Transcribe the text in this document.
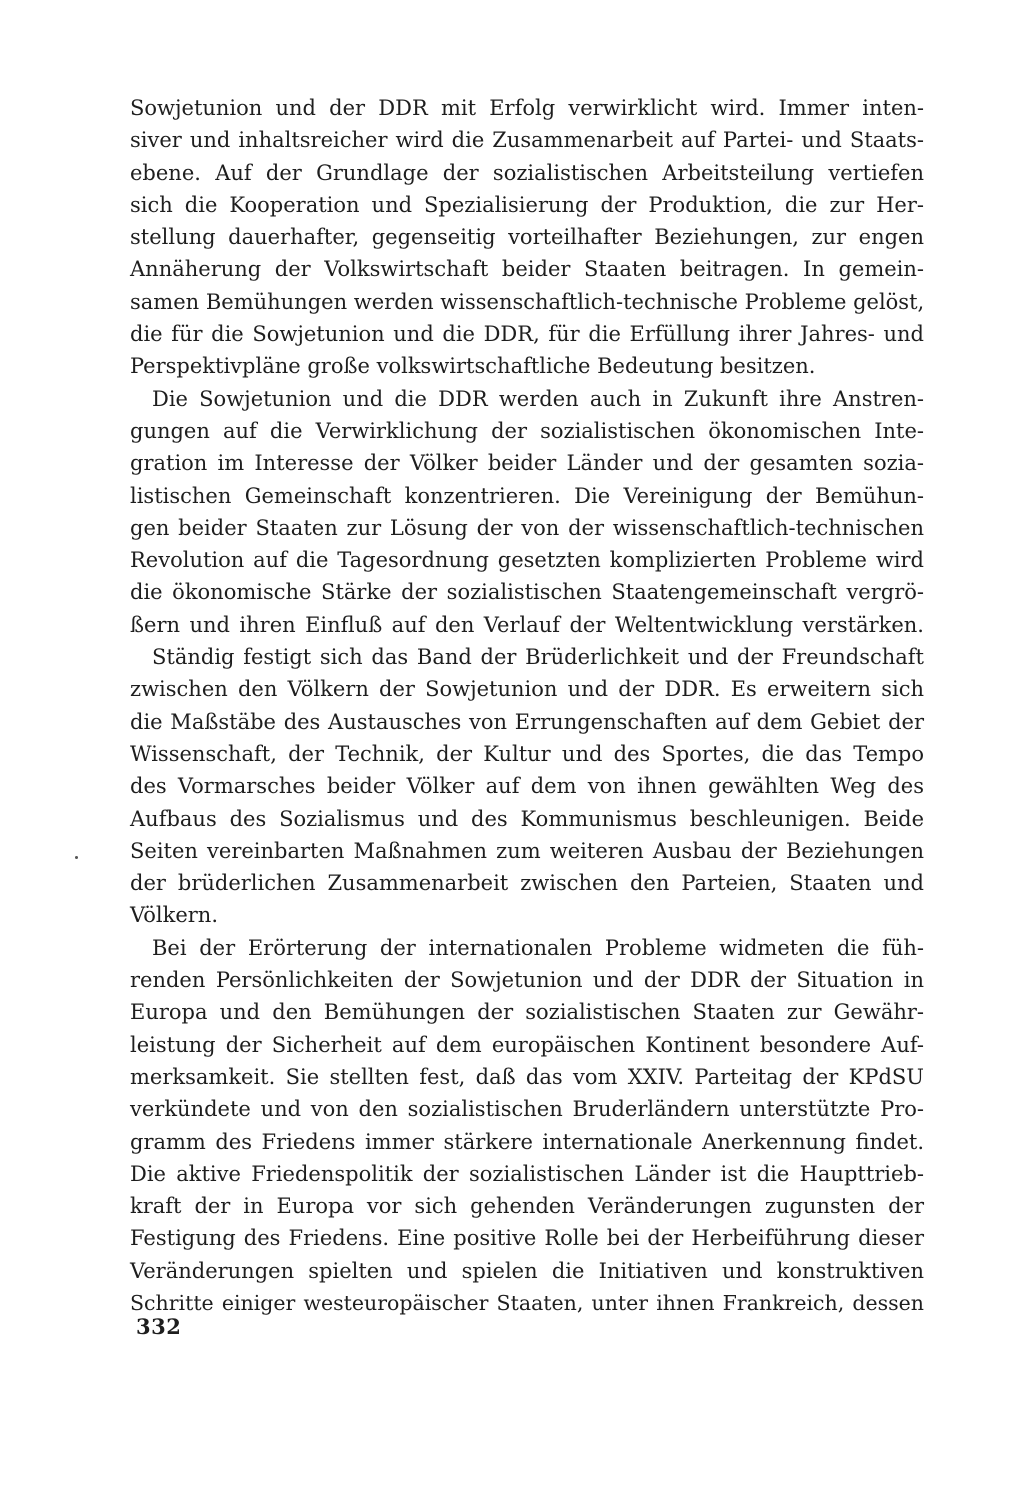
Sowjetunion und der DDR mit Erfolg verwirklicht wird. Immer inten-
siver und inhaltsreicher wird die Zusammenarbeit auf Partei- und Staats-
ebene. Auf der Grundlage der sozialistischen Arbeitsteilung vertiefen
sich die Kooperation und Spezialisierung der Produktion, die zur Her-
stellung dauerhafter, gegenseitig vorteilhafter Beziehungen, zur engen
Annäherung der Volkswirtschaft beider Staaten beitragen. In gemein-
samen Bemühungen werden wissenschaftlich-technische Probleme gelöst,
die für die Sowjetunion und die DDR, für die Erfüllung ihrer Jahres- und
Perspektivpläne große volkswirtschaftliche Bedeutung besitzen.
Die Sowjetunion und die DDR werden auch in Zukunft ihre Anstren-
gungen auf die Verwirklichung der sozialistischen ökonomischen Inte-
gration im Interesse der Völker beider Länder und der gesamten sozia-
listischen Gemeinschaft konzentrieren. Die Vereinigung der Bemühun-
gen beider Staaten zur Lösung der von der wissenschaftlich-technischen
Revolution auf die Tagesordnung gesetzten komplizierten Probleme wird
die ökonomische Stärke der sozialistischen Staatengemeinschaft vergrö-
ßern und ihren Einfluß auf den Verlauf der Weltentwicklung verstärken.
Ständig festigt sich das Band der Brüderlichkeit und der Freundschaft
zwischen den Völkern der Sowjetunion und der DDR. Es erweitern sich
die Maßstäbe des Austausches von Errungenschaften auf dem Gebiet der
Wissenschaft, der Technik, der Kultur und des Sportes, die das Tempo
des Vormarsches beider Völker auf dem von ihnen gewählten Weg des
Aufbaus des Sozialismus und des Kommunismus beschleunigen. Beide
Seiten vereinbarten Maßnahmen zum weiteren Ausbau der Beziehungen
der brüderlichen Zusammenarbeit zwischen den Parteien, Staaten und
Völkern.
Bei der Erörterung der internationalen Probleme widmeten die füh-
renden Persönlichkeiten der Sowjetunion und der DDR der Situation in
Europa und den Bemühungen der sozialistischen Staaten zur Gewähr-
leistung der Sicherheit auf dem europäischen Kontinent besondere Auf-
merksamkeit. Sie stellten fest, daß das vom XXIV. Parteitag der KPdSU
verkündete und von den sozialistischen Bruderländern unterstützte Pro-
gramm des Friedens immer stärkere internationale Anerkennung findet.
Die aktive Friedenspolitik der sozialistischen Länder ist die Haupttrieb-
kraft der in Europa vor sich gehenden Veränderungen zugunsten der
Festigung des Friedens. Eine positive Rolle bei der Herbeiführung dieser
Veränderungen spielten und spielen die Initiativen und konstruktiven
Schritte einiger westeuropäischer Staaten, unter ihnen Frankreich, dessen
332
